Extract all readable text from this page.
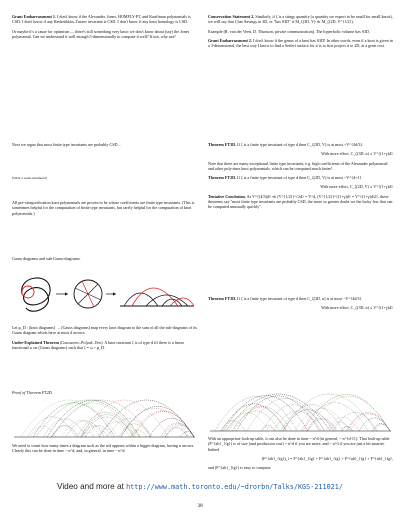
Grant Embarrassment 1. I don't know if the Alexander, Jones, HOMFLY-PT, and Kauffman polynomials is CSD. I don't know if any Reshetikhin–Turaev invariant is CSD. I don't know if any knot homology is CSD.

Or maybe it's a cause for optimism — there's still something very basic we don't know about (say) the Jones polynomial. Can we understand it well enough 5-dimensionally to compute it well? If not, why not?

Conservation Statement 2. Similarly, if ζ is a stingy quantity (a quantity we expect to be small for small knots), we will say that ζ has Savings in 3D, or "has S3D" if M_ζ(3D, V) ≪ M_ζ(2D, V^{1/2}).

Example (R. van der Veen, D. Thurston, private communication). The hyperbolic volume has S3D.

Grant Embarrassment 2. I don't know if the genus of a knot has S3D! In other words, even if a knot is given in a 3-dimensional, the best way I know to find a Seifert surface for it is to first project it to 2D, at a great cost.

Next we argue that most finite type invariants are probably CSD…

(What a weak statement!)

All pre-categorification knot polynomials are proven to be whose coefficients are finite type invariants. (This is sometimes helpful for the computation of finite type invariants, but rarely helpful for the computation of knot polynomials.)

Theorem FT3D. If ζ is a finite type invariant of type d then C_ζ(3D, V) is at most ~V^{4d/3}.

With more effort, C_ζ(3D, n) ≤ V^{(1+γ)d}

Note that there are many exceptional finite type invariants, e.g. high coefficients of the Alexander polynomial and other poly-time knot polynomials, which can be computed much faster!

Theorem FT2D. If ζ is a finite type invariant of type d then C_ζ(2D, V) is at most ~V^{d+1}.

With more effort, C_ζ(2D, V) ≤ V^{(1+γ)d}

Tentative Conclusion. As V^{(4/3)d} ≪ (V^{1/2})^{2d} = V^d, (V^{1/2})^{(1+γ)d} = V^{(1+γ)d/2}, these theorems say "most finite type invariants are probably CSD, the more so greater doubt we the lucky few that can be computed unusually quickly".

Gauss diagrams and sub-Gauss-diagrams:

Let φ_D : (knot diagrams) → (Gauss diagrams) map every knot diagram to the sum of all the sub-diagrams of its Gauss diagram which have at most d arrows.

Under-Explained Theorem (Goussarov–Polyak–Viro). A knot invariant ζ is of type d iff there is a linear functional ω on (Gauss diagrams) such that ζ = ω ∘ φ_D.

Theorem FT3D. If ζ is a finite type invariant of type d then C_ζ(3D, n) is at most ~V^{4d/3}.

With more effort, C_ζ(3D, n) ≤ V^{(1+γ)d}

Proof of Theorem FT2D.

We need to count how many times a diagram such as the red appears within a bigger diagram, having n arrows. Clearly this can be done in time ~ n^d, and, in general, in time ~ n^d.

With an appropriate look-up table, it can also be done in time ~ n^d (in general, ~ n^{d-1}). That look-up table (F^{ab}_{fg}) is of size (and production cost) ~ n^d if you are naive, and ~ n^3 if you are just a bit smarter. Indeed

(F^{ab}_{fg})_t = F^{ab}_{fg} + F^{ab}_{fg} + F^{ab}_{fg} + F^{ab}_{fg},

and (F^{ab}_{fg}) is easy to compute.

Video and more at http://www.math.toronto.edu/~drorbn/Talks/KGS-211021/
38
